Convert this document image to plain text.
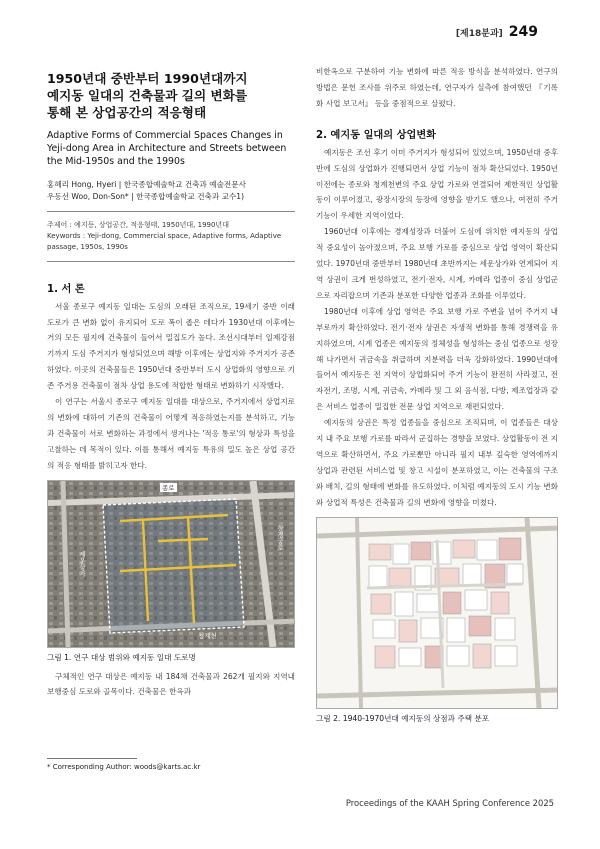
[제18분과] 249
1950년대 중반부터 1990년대까지
예지동 일대의 건축물과 길의 변화를
통해 본 상업공간의 적응형태
Adaptive Forms of Commercial Spaces Changes in
Yeji-dong Area in Architecture and Streets between
the Mid-1950s and the 1990s
홍혜리 Hong, Hyeri | 한국종합예술학교 건축과 예술전문사
우동선 Woo, Don-Son* | 한국종합예술학교 건축과 교수1)
주제어 : 예지동, 상업공간, 적응형태, 1950년대, 1990년대
Keywords : Yeji-dong, Commercial space, Adaptive forms, Adaptive
passage, 1950s, 1990s
1. 서 론

서울 종로구 예지동 일대는 도심의 오래된 조직으로, 19세기 중반 이래 도로가 큰 변화 없이 유지되어 도로 폭이 좁은 데다가 1930년대 이후에는 거의 모든 필지에 건축물이 들어서 밀집도가 높다. 조선시대부터 일제강점기까지 도심 주거지가 형성되었으며 해방 이후에는 상업지와 주거지가 공존하였다. 이곳의 건축물들은 1950년대 중반부터 도시 상업화의 영향으로 기존 주거용 건축물이 점차 상업 용도에 적합한 형태로 변화하기 시작했다.

이 연구는 서울시 종로구 예지동 일대를 대상으로, 주거지에서 상업지로의 변화에 대하여 기존의 건축물이 어떻게 적응하였는지를 분석하고, 기능과 건축물이 서로 변화하는 과정에서 생겨나는 '적응 통로'의 형상과 특성을 고찰하는 데 목적이 있다. 이를 통해서 예지동 특유의 밀도 높은 상업 공간의 적응 형태를 밝히고자 한다.

종로
창경궁로
세운상가
청계천
그림 1. 연구 대상 범위와 예지동 일대 도로명

구체적인 연구 대상은 예지동 내 184채 건축물과 262개 필지와 지역내 보행중심 도로와 골목이다. 건축물은 한옥과

비한옥으로 구분하여 기능 변화에 따른 적응 방식을 분석하였다. 연구의 방법은 문헌 조사를 위주로 하였는데, 연구자가 실측에 참여했던 『기록화 사업 보고서』 등을 중점적으로 살폈다.

2. 예지동 일대의 상업변화

예지동은 조선 후기 이미 주거지가 형성되어 있었으며, 1950년대 중후반에 도심의 상업화가 진행되면서 상업 기능이 점차 확산되었다. 1950년 이전에는 종로와 청계천변의 주요 상업 가로와 연결되어 제한적인 상업활동이 이루어졌고, 광장시장의 등장에 영향을 받기도 했으나, 여전히 주거 기능이 우세한 지역이었다.

1960년대 이후에는 경제성장과 더불어 도심에 위치한 예지동의 상업적 중요성이 높아졌으며, 주요 보행 가로를 중심으로 상업 영역이 확산되었다. 1970년대 중반부터 1980년대 초반까지는 세운상가와 연계되어 지역 상권이 크게 번성하였고, 전기·전자, 시계, 카메라 업종이 중심 상업군으로 자리잡으며 기존과 분포한 다양한 업종과 조화를 이루었다.

1980년대 이후에 상업 영역은 주요 보행 가로 주변을 넘어 주거지 내부로까지 확산하였다. 전기·전자 상권은 자생적 변화를 통해 경쟁력을 유지하였으며, 시계 업종은 예지동의 정체성을 형성하는 중심 업종으로 성장해 나가면서 귀금속을 취급하며 지분력을 더욱 강화하였다. 1990년대에 들어서 예지동은 전 지역이 상업화되어 주거 기능이 완전히 사라졌고, 전자전기, 조명, 시계, 귀금속, 카메라 및 그 외 음식점, 다방, 제조업장과 같은 서비스 업종이 밀집한 전문 상업 지역으로 재편되었다.

예지동의 상권은 특정 업종들을 중심으로 조직되며, 이 업종들은 대상지 내 주요 보행 가로를 따라서 군집하는 경향을 보였다. 상업활동이 전 지역으로 확산하면서, 주요 가로뿐만 아니라 필지 내부 깊숙한 영역에까지 상업과 관련된 서비스업 및 창고 시설이 분포하였고, 이는 건축물의 구조와 배치, 길의 형태에 변화를 유도하였다. 이처럼 예지동의 도시 기능 변화와 상업적 특성은 건축물과 길의 변화에 영향을 미쳤다.

그림 2. 1940-1970년대 예지동의 상점과 주택 분포
* Corresponding Author: woods@karts.ac.kr
Proceedings of the KAAH Spring Conference 2025
